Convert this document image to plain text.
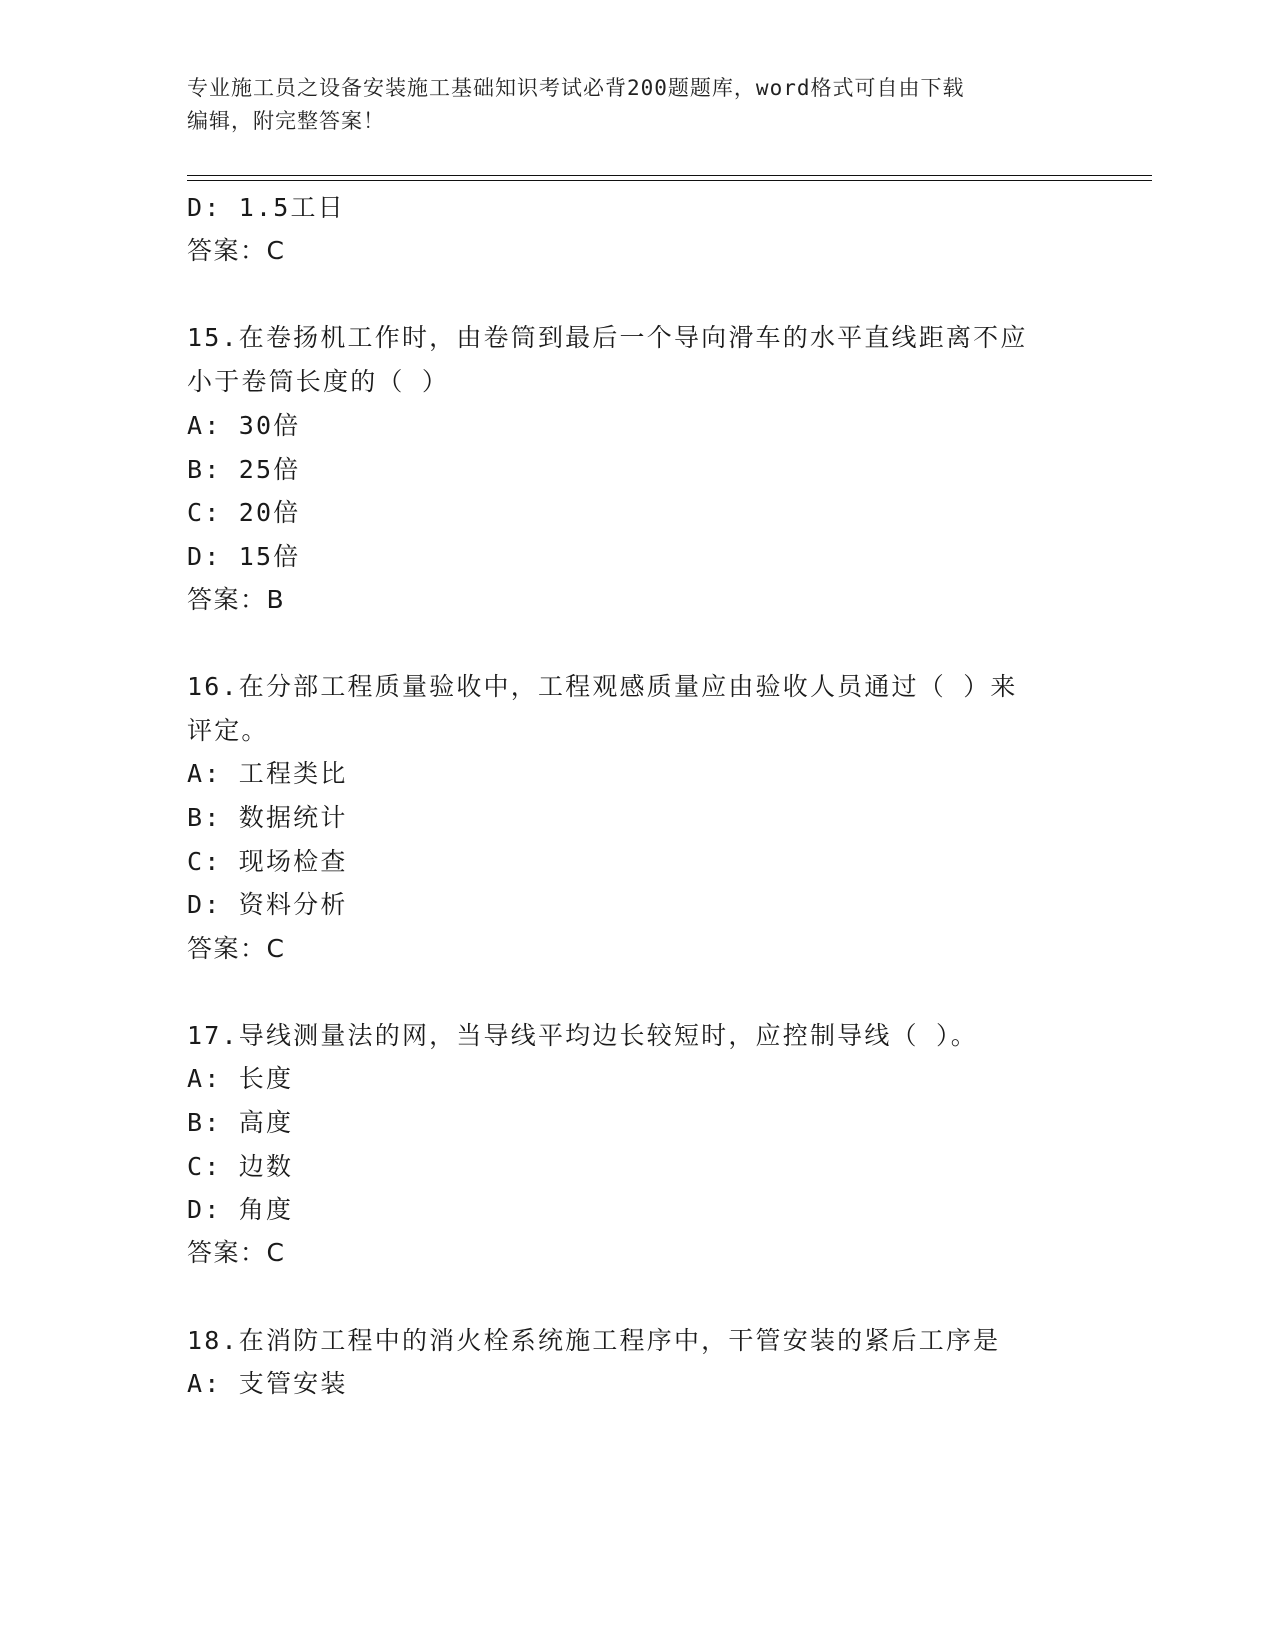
专业施工员之设备安装施工基础知识考试必背200题题库，word格式可自由下载
编辑，附完整答案！
D: 1.5工日
答案：C
15.在卷扬机工作时，由卷筒到最后一个导向滑车的水平直线距离不应
小于卷筒长度的（ ）
A: 30倍
B: 25倍
C: 20倍
D: 15倍
答案：B
16.在分部工程质量验收中，工程观感质量应由验收人员通过（ ）来
评定。
A: 工程类比
B: 数据统计
C: 现场检查
D: 资料分析
答案：C
17.导线测量法的网，当导线平均边长较短时，应控制导线（ ）。
A: 长度
B: 高度
C: 边数
D: 角度
答案：C
18.在消防工程中的消火栓系统施工程序中，干管安装的紧后工序是
A: 支管安装
